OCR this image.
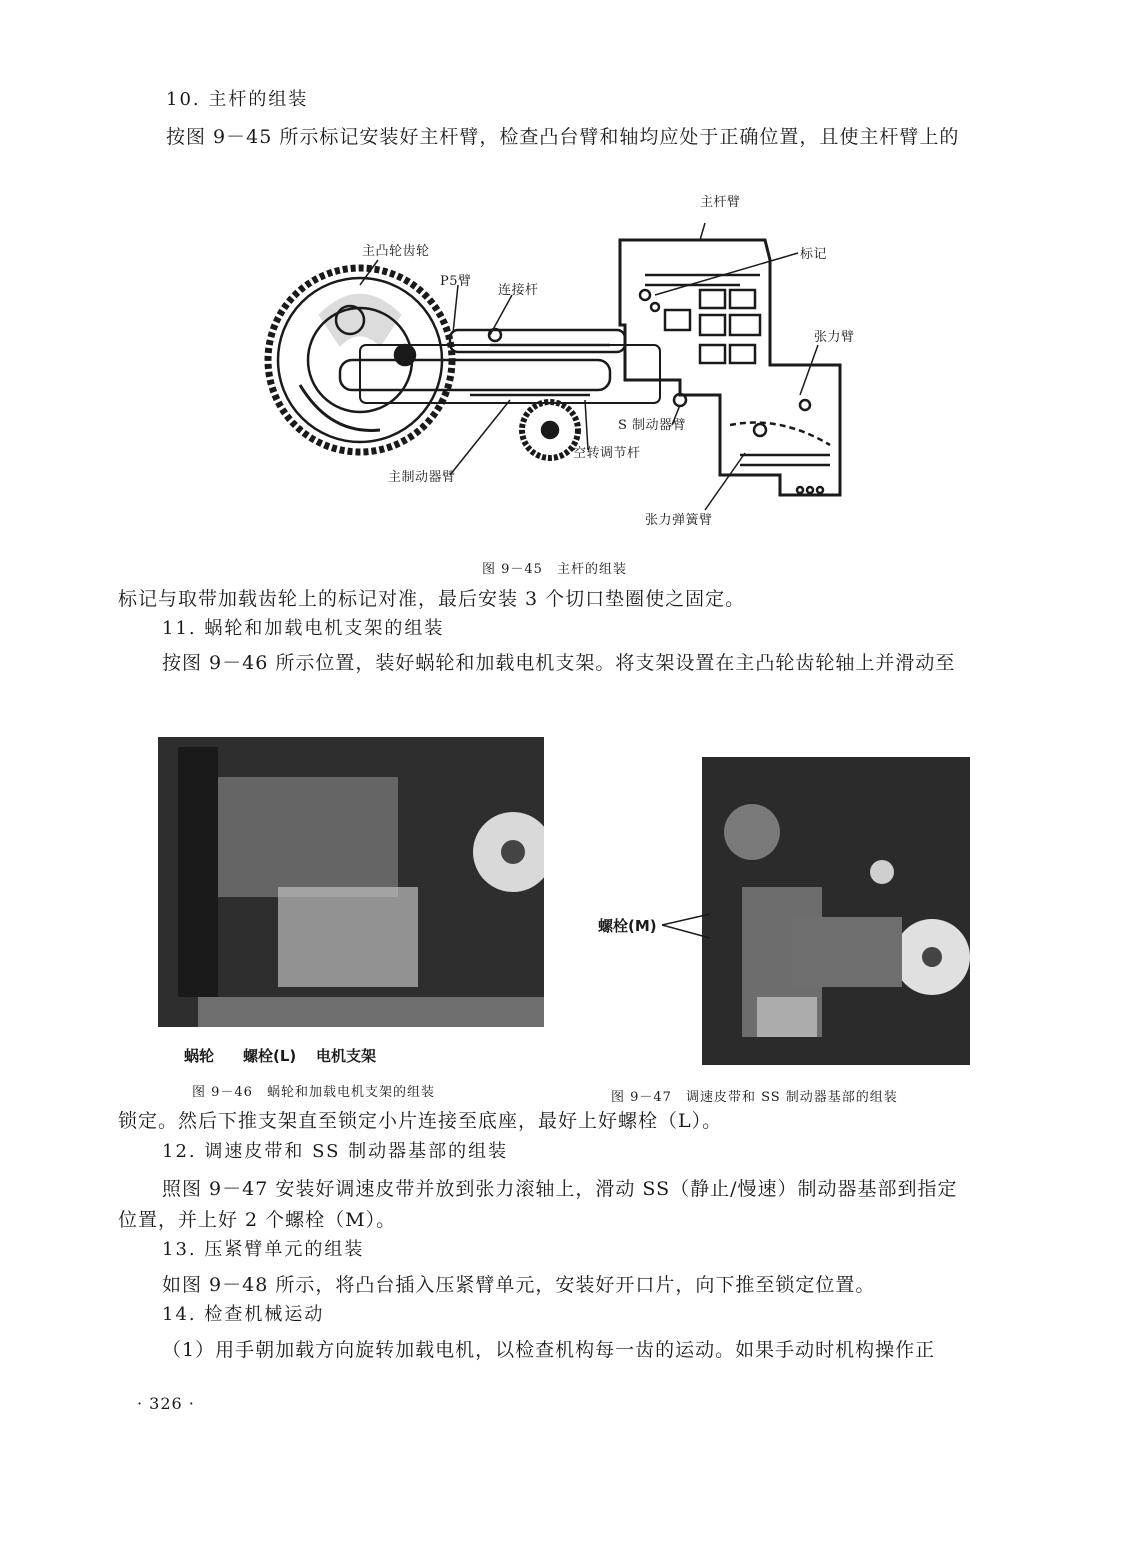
10. 主杆的组装
按图 9－45 所示标记安装好主杆臂，检查凸台臂和轴均应处于正确位置，且使主杆臂上的
主杆臂
标记
主凸轮齿轮
P5臂
连接杆
张力臂
S 制动器臂
空转调节杆
主制动器臂
张力弹簧臂
图 9－45　主杆的组装
标记与取带加载齿轮上的标记对准，最后安装 3 个切口垫圈使之固定。
11. 蜗轮和加载电机支架的组装
按图 9－46 所示位置，装好蜗轮和加载电机支架。将支架设置在主凸轮齿轮轴上并滑动至
蜗轮 螺栓(L) 电机支架
图 9－46　蜗轮和加载电机支架的组装
螺栓(M)
图 9－47　调速皮带和 SS 制动器基部的组装
锁定。然后下推支架直至锁定小片连接至底座，最好上好螺栓（L）。
12. 调速皮带和 SS 制动器基部的组装
照图 9－47 安装好调速皮带并放到张力滚轴上，滑动 SS（静止/慢速）制动器基部到指定
位置，并上好 2 个螺栓（M）。
13. 压紧臂单元的组装
如图 9－48 所示，将凸台插入压紧臂单元，安装好开口片，向下推至锁定位置。
14. 检查机械运动
（1）用手朝加载方向旋转加载电机，以检查机构每一齿的运动。如果手动时机构操作正
· 326 ·
